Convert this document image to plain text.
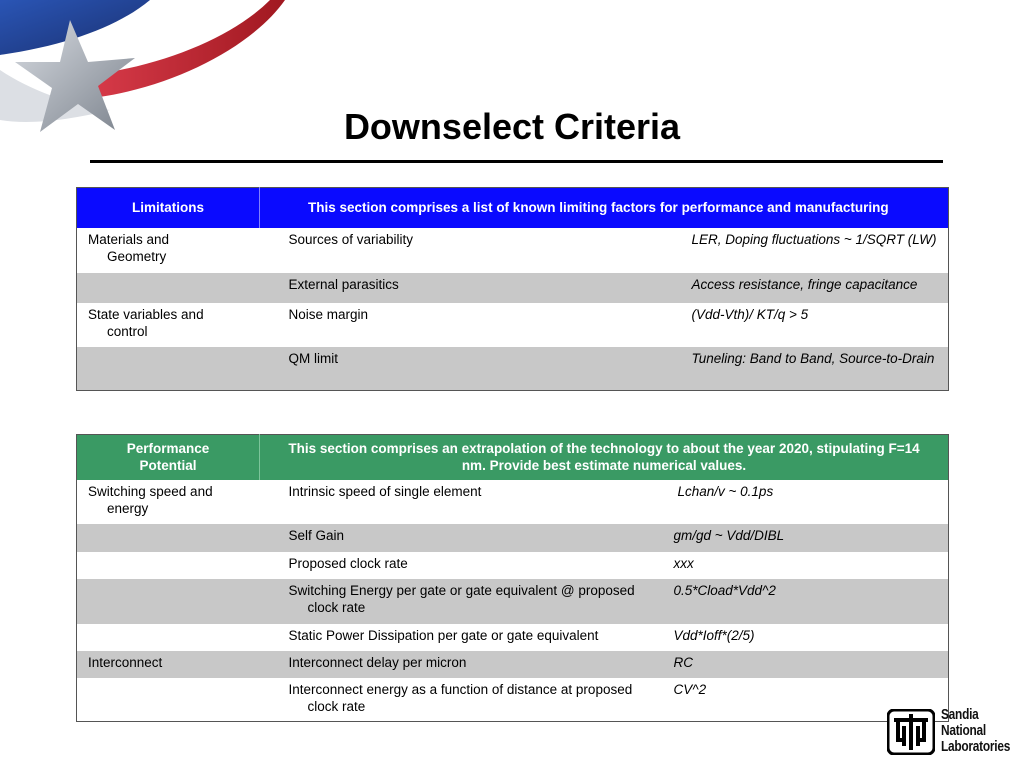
Downselect Criteria
Limitations	This section comprises a list of known limiting factors for performance and manufacturing	
Materials and Geometry	Sources of variability	LER, Doping fluctuations ~ 1/SQRT (LW)
	External parasitics	Access resistance, fringe capacitance
State variables and control	Noise margin	(Vdd-Vth)/ KT/q > 5
	QM limit	Tuneling: Band to Band, Source-to-Drain
Performance Potential	This section comprises an extrapolation of the technology to about the year 2020, stipulating F=14 nm. Provide best estimate numerical values.	
Switching speed and energy	Intrinsic speed of single element	Lchan/v ~ 0.1ps
	Self Gain	gm/gd ~ Vdd/DIBL
	Proposed clock rate	xxx
	Switching Energy per gate or gate equivalent @ proposed clock rate	0.5*Cload*Vdd^2
	Static Power Dissipation per gate or gate equivalent	Vdd*Ioff*(2/5)
Interconnect	Interconnect delay per micron	RC
	Interconnect energy as a function of distance at proposed clock rate	CV^2
Sandia
National
Laboratories
